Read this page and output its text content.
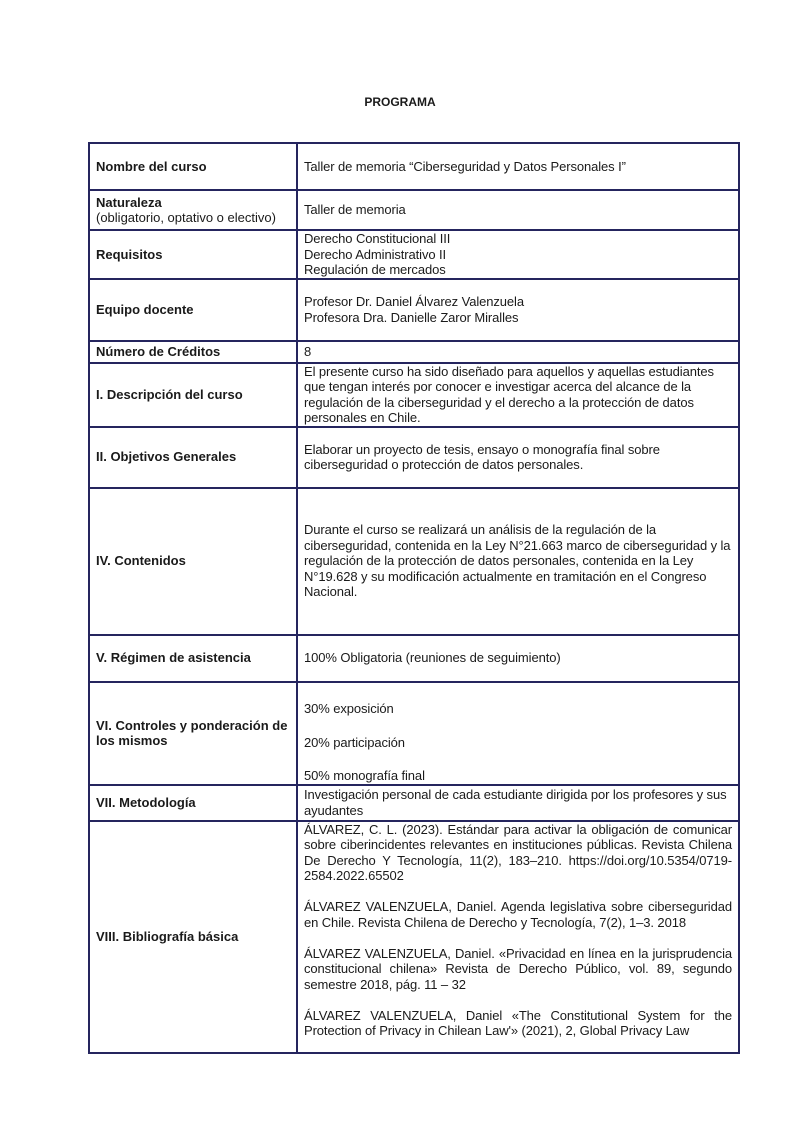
PROGRAMA
Nombre del curso	Taller de memoria “Ciberseguridad y Datos Personales I”
Naturaleza
(obligatorio, optativo o electivo)	Taller de memoria
Requisitos	Derecho Constitucional III
Derecho Administrativo II
Regulación de mercados

Equipo docente	Profesor Dr. Daniel Álvarez Valenzuela
Profesora Dra. Danielle Zaror Miralles

Número de Créditos	8
I. Descripción del curso	El presente curso ha sido diseñado para aquellos y aquellas estudiantes que tengan interés por conocer e investigar acerca del alcance de la regulación de la ciberseguridad y el derecho a la protección de datos personales en Chile.
II. Objetivos Generales	Elaborar un proyecto de tesis, ensayo o monografía final sobre ciberseguridad o protección de datos personales.
IV. Contenidos	Durante el curso se realizará un análisis de la regulación de la ciberseguridad, contenida en la Ley N°21.663 marco de ciberseguridad y la regulación de la protección de datos personales, contenida en la Ley N°19.628 y su modificación actualmente en tramitación en el Congreso Nacional.
V. Régimen de asistencia	100% Obligatoria (reuniones de seguimiento)
VI. Controles y ponderación de los mismos	30% exposición
20% participación
50% monografía final

VII. Metodología	Investigación personal de cada estudiante dirigida por los profesores y sus ayudantes
VIII. Bibliografía básica	ÁLVAREZ, C. L. (2023). Estándar para activar la obligación de comunicar sobre ciberincidentes relevantes en instituciones públicas. Revista Chilena De Derecho Y Tecnología, 11(2), 183–210. https://doi.org/10.5354/0719-2584.2022.65502

ÁLVAREZ VALENZUELA, Daniel. Agenda legislativa sobre ciberseguridad en Chile. Revista Chilena de Derecho y Tecnología, 7(2), 1–3. 2018

ÁLVAREZ VALENZUELA, Daniel. «Privacidad en línea en la jurisprudencia constitucional chilena» Revista de Derecho Público, vol. 89, segundo semestre 2018, pág. 11 – 32

ÁLVAREZ VALENZUELA, Daniel «The Constitutional System for the Protection of Privacy in Chilean Law'» (2021), 2, Global Privacy Law
